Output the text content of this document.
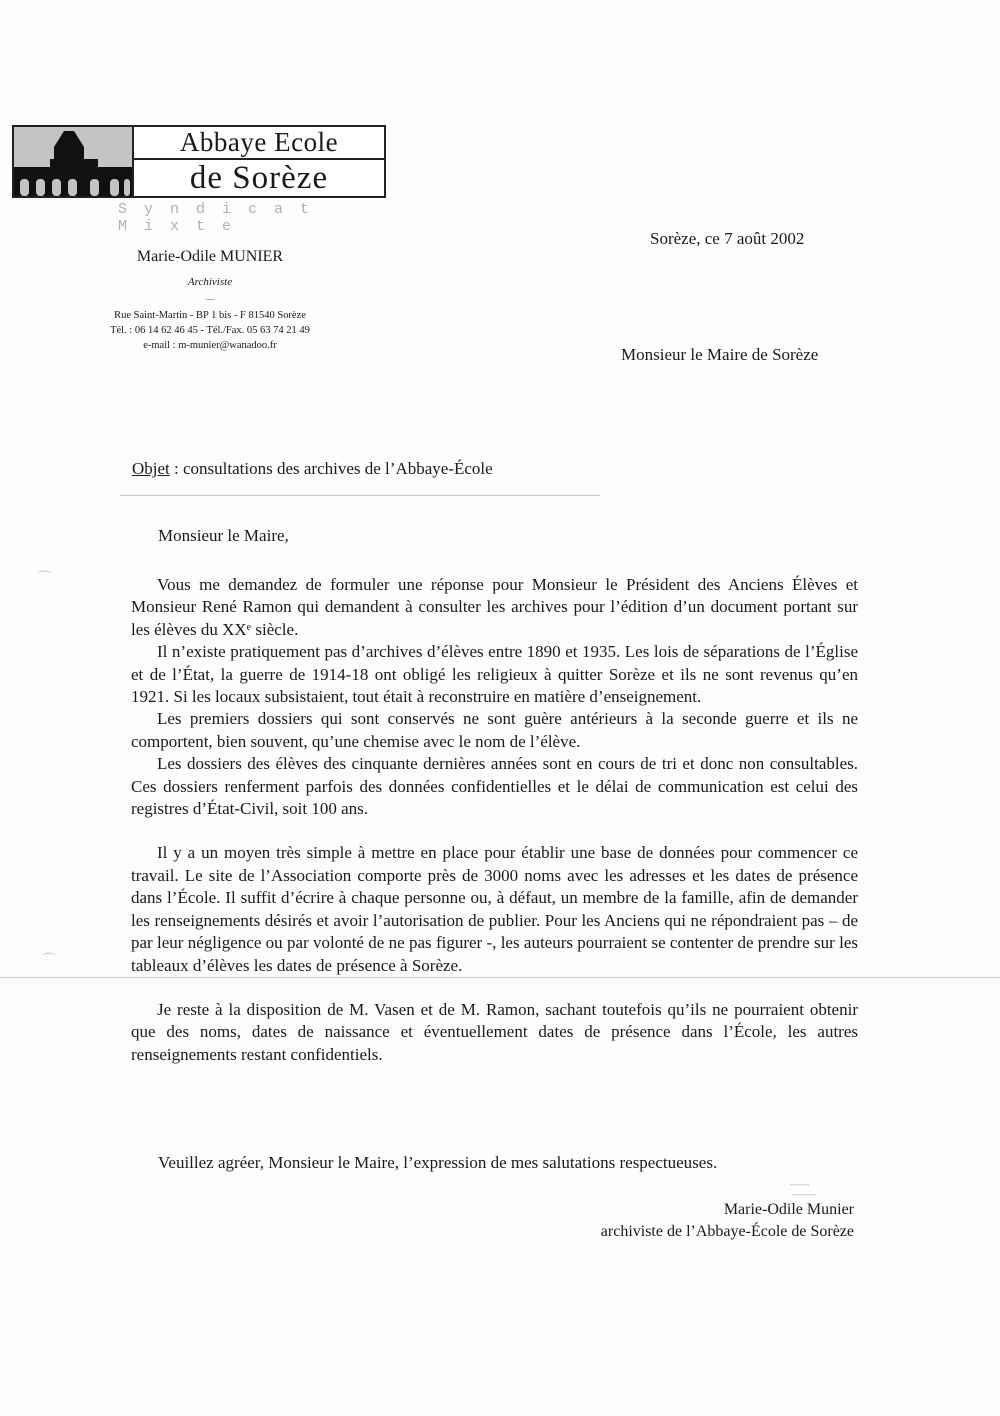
Abbaye Ecole
de Sorèze
Syndicat Mixte
Marie-Odile MUNIER
Archiviste
—
Rue Saint-Martin - BP 1 bis - F 81540 Sorèze
Tél. : 06 14 62 46 45 - Tél./Fax. 05 63 74 21 49
e-mail : m-munier@wanadoo.fr
Sorèze, ce 7 août 2002
Monsieur le Maire de Sorèze
Objet : consultations des archives de l’Abbaye-École
Monsieur le Maire,

Vous me demandez de formuler une réponse pour Monsieur le Président des Anciens Élèves et Monsieur René Ramon qui demandent à consulter les archives pour l’édition d’un document portant sur les élèves du XXe siècle.

Il n’existe pratiquement pas d’archives d’élèves entre 1890 et 1935. Les lois de séparations de l’Église et de l’État, la guerre de 1914-18 ont obligé les religieux à quitter Sorèze et ils ne sont revenus qu’en 1921. Si les locaux subsistaient, tout était à reconstruire en matière d’enseignement.

Les premiers dossiers qui sont conservés ne sont guère antérieurs à la seconde guerre et ils ne comportent, bien souvent, qu’une chemise avec le nom de l’élève.

Les dossiers des élèves des cinquante dernières années sont en cours de tri et donc non consultables. Ces dossiers renferment parfois des données confidentielles et le délai de communication est celui des registres d’État-Civil, soit 100 ans.

Il y a un moyen très simple à mettre en place pour établir une base de données pour commencer ce travail. Le site de l’Association comporte près de 3000 noms avec les adresses et les dates de présence dans l’École. Il suffit d’écrire à chaque personne ou, à défaut, un membre de la famille, afin de demander les renseignements désirés et avoir l’autorisation de publier. Pour les Anciens qui ne répondraient pas – de par leur négligence ou par volonté de ne pas figurer -, les auteurs pourraient se contenter de prendre sur les tableaux d’élèves les dates de présence à Sorèze.

Je reste à la disposition de M. Vasen et de M. Ramon, sachant toutefois qu’ils ne pourraient obtenir que des noms, dates de naissance et éventuellement dates de présence dans l’École, les autres renseignements restant confidentiels.

Veuillez agréer, Monsieur le Maire, l’expression de mes salutations respectueuses.
~~~~
~~~~~
Marie-Odile Munier
archiviste de l’Abbaye-École de Sorèze
⌒
⌒
